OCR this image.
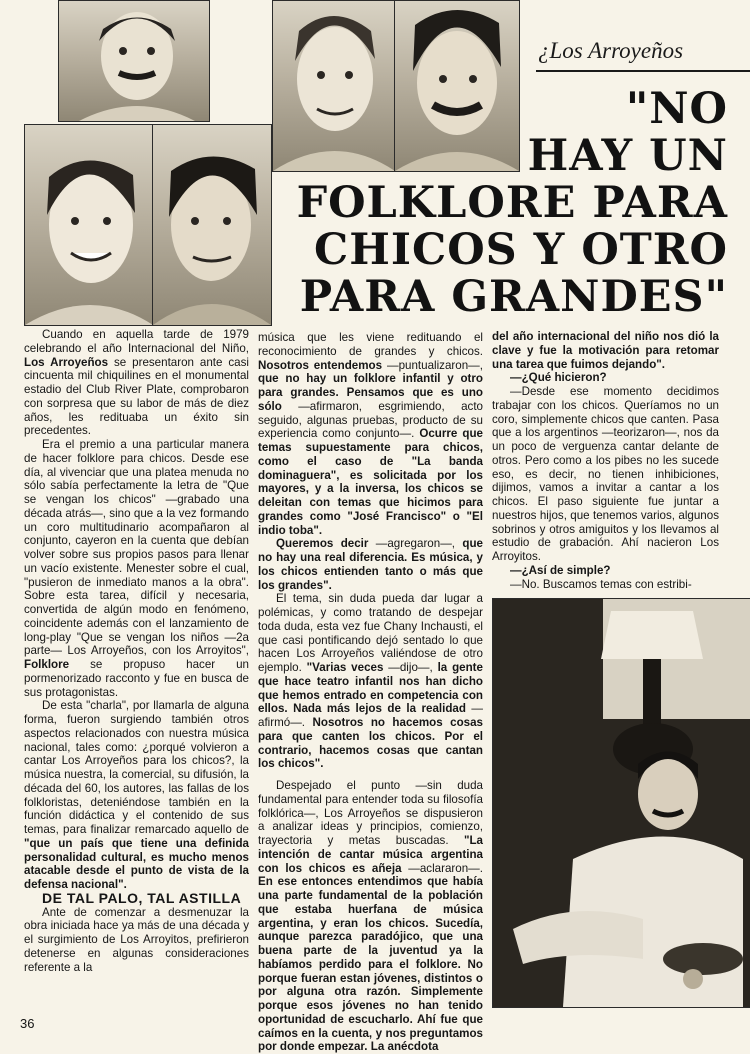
¿Los Arroyeños
"NO
HAY UN
FOLKLORE PARA
CHICOS Y OTRO
PARA GRANDES"

Cuando en aquella tarde de 1979 celebrando el año Internacional del Niño, Los Arroyeños se presentaron ante casi cincuenta mil chiquilines en el monumental estadio del Club River Plate, comprobaron con sorpresa que su labor de más de diez años, les redituaba un éxito sin precedentes.

Era el premio a una particular manera de hacer folklore para chicos. Desde ese día, al vivenciar que una platea menuda no sólo sabía perfectamente la letra de "Que se vengan los chicos" —grabado una década atrás—, sino que a la vez formando un coro multitudinario acompañaron al conjunto, cayeron en la cuenta que debían volver sobre sus propios pasos para llenar un vacío existente. Menester sobre el cual, "pusieron de inmediato manos a la obra". Sobre esta tarea, difícil y necesaria, convertida de algún modo en fenómeno, coincidente además con el lanzamiento de long-play "Que se vengan los niños —2a parte— Los Arroyeños, con los Arroyitos", Folklore se propuso hacer un pormenorizado racconto y fue en busca de sus protagonistas.

De esta "charla", por llamarla de alguna forma, fueron surgiendo también otros aspectos relacionados con nuestra música nacional, tales como: ¿porqué volvieron a cantar Los Arroyeños para los chicos?, la música nuestra, la comercial, su difusión, la década del 60, los autores, las fallas de los folkloristas, deteniéndose también en la función didáctica y el contenido de sus temas, para finalizar remarcado aquello de "que un país que tiene una definida personalidad cultural, es mucho menos atacable desde el punto de vista de la defensa nacional".

DE TAL PALO, TAL ASTILLA

Ante de comenzar a desmenuzar la obra iniciada hace ya más de una década y el surgimiento de Los Arroyitos, prefirieron detenerse en algunas consideraciones referente a la

música que les viene redituando el reconocimiento de grandes y chicos. Nosotros entendemos —puntualizaron—, que no hay un folklore infantil y otro para grandes. Pensamos que es uno sólo —afirmaron, esgrimiendo, acto seguido, algunas pruebas, producto de su experiencia como conjunto—. Ocurre que temas supuestamente para chicos, como el caso de "La banda dominaguera", es solicitada por los mayores, y a la inversa, los chicos se deleitan con temas que hicimos para grandes como "José Francisco" o "El indio toba".

Queremos decir —agregaron—, que no hay una real diferencia. Es música, y los chicos entienden tanto o más que los grandes".

El tema, sin duda pueda dar lugar a polémicas, y como tratando de despejar toda duda, esta vez fue Chany Inchausti, el que casi pontificando dejó sentado lo que hacen Los Arroyeños valiéndose de otro ejemplo. "Varias veces —dijo—, la gente que hace teatro infantil nos han dicho que hemos entrado en competencia con ellos. Nada más lejos de la realidad —afirmó—. Nosotros no hacemos cosas para que canten los chicos. Por el contrario, hacemos cosas que cantan los chicos".

Despejado el punto —sin duda fundamental para entender toda su filosofía folklórica—, Los Arroyeños se dispusieron a analizar ideas y principios, comienzo, trayectoria y metas buscadas. "La intención de cantar música argentina con los chicos es añeja —aclararon—. En ese entonces entendimos que había una parte fundamental de la población que estaba huerfana de música argentina, y eran los chicos. Sucedía, aunque parezca paradójico, que una buena parte de la juventud ya la habíamos perdido para el folklore. No porque fueran estan jóvenes, distintos o por alguna otra razón. Simplemente porque esos jóvenes no han tenido oportunidad de escucharlo. Ahí fue que caímos en la cuenta, y nos preguntamos por donde empezar. La anécdota

del año internacional del niño nos dió la clave y fue la motivación para retomar una tarea que fuimos dejando".

—¿Qué hicieron?

—Desde ese momento decidimos trabajar con los chicos. Queríamos no un coro, simplemente chicos que canten. Pasa que a los argentinos —teorizaron—, nos da un poco de verguenza cantar delante de otros. Pero como a los pibes no les sucede eso, es decir, no tienen inhibiciones, dijimos, vamos a invitar a cantar a los chicos. El paso siguiente fue juntar a nuestros hijos, que tenemos varios, algunos sobrinos y otros amiguitos y los llevamos al estudio de grabación. Ahí nacieron Los Arroyitos.

—¿Así de simple?

—No. Buscamos temas con estribi-

36
